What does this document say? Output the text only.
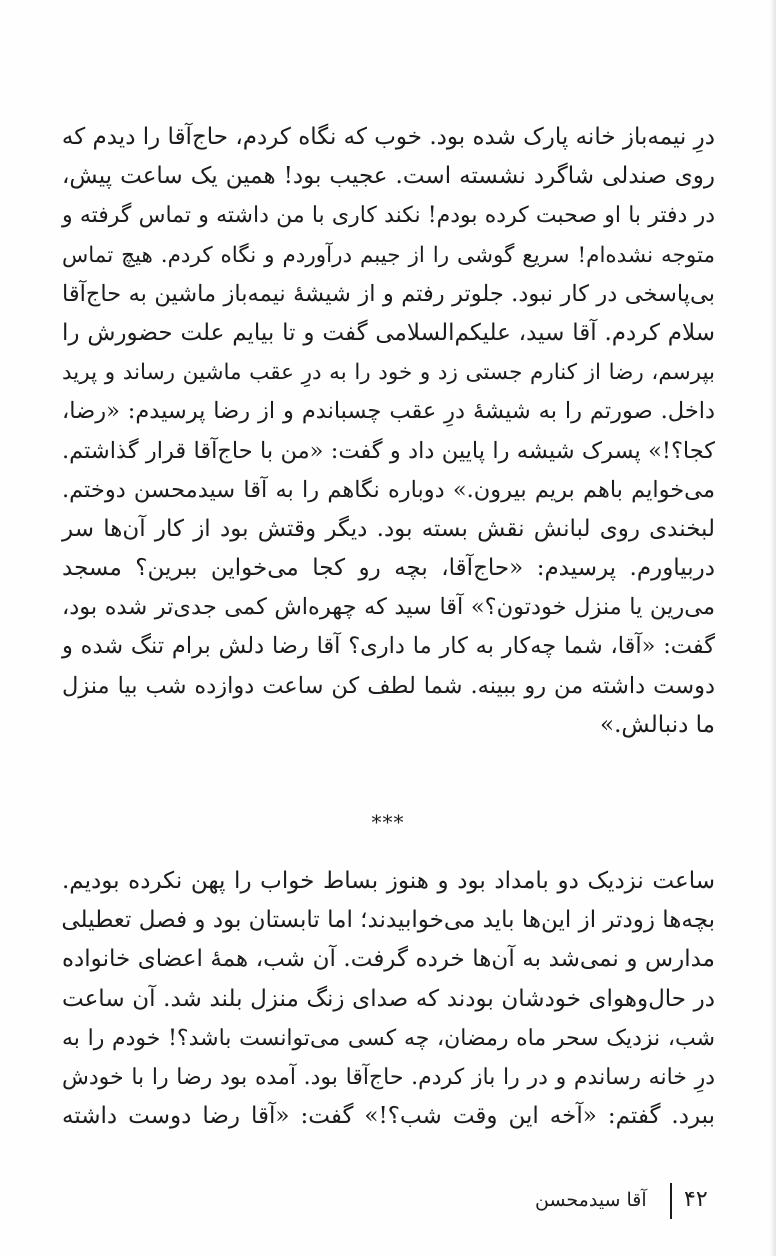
درِ نیمه‌باز خانه پارک شده بود. خوب که نگاه کردم، حاج‌آقا را دیدم که
روی صندلی شاگرد نشسته است. عجیب بود! همین یک ساعت پیش،
در دفتر با او صحبت کرده بودم! نکند کاری با من داشته و تماس گرفته و
متوجه نشده‌ام! سریع گوشی را از جیبم درآوردم و نگاه کردم. هیچ تماس
بی‌پاسخی در کار نبود. جلوتر رفتم و از شیشهٔ نیمه‌باز ماشین به حاج‌آقا
سلام کردم. آقا سید، علیکم‌السلامی گفت و تا بیایم علت حضورش را
بپرسم، رضا از کنارم جستی زد و خود را به درِ عقب ماشین رساند و پرید
داخل. صورتم را به شیشهٔ درِ عقب چسباندم و از رضا پرسیدم: «رضا،
کجا؟!» پسرک شیشه را پایین داد و گفت: «من با حاج‌آقا قرار گذاشتم.
می‌خوایم باهم بریم بیرون.» دوباره نگاهم را به آقا سیدمحسن دوختم.
لبخندی روی لبانش نقش بسته بود. دیگر وقتش بود از کار آن‌ها سر
دربیاورم. پرسیدم: «حاج‌آقا، بچه رو کجا می‌خواین ببرین؟ مسجد
می‌رین یا منزل خودتون؟» آقا سید که چهره‌اش کمی جدی‌تر شده بود،
گفت: «آقا، شما چه‌کار به کار ما داری؟ آقا رضا دلش برام تنگ شده و
دوست داشته من رو ببینه. شما لطف کن ساعت دوازده شب بیا منزل
ما دنبالش.»
***
ساعت نزدیک دو بامداد بود و هنوز بساط خواب را پهن نکرده بودیم.
بچه‌ها زودتر از این‌ها باید می‌خوابیدند؛ اما تابستان بود و فصل تعطیلی
مدارس و نمی‌شد به آن‌ها خرده گرفت. آن شب، همهٔ اعضای خانواده
در حال‌وهوای خودشان بودند که صدای زنگ منزل بلند شد. آن ساعت
شب، نزدیک سحر ماه رمضان، چه کسی می‌توانست باشد؟! خودم را به
درِ خانه رساندم و در را باز کردم. حاج‌آقا بود. آمده بود رضا را با خودش
ببرد. گفتم: «آخه این وقت شب؟!» گفت: «آقا رضا دوست داشته
آقا سیدمحسن ۴۲
